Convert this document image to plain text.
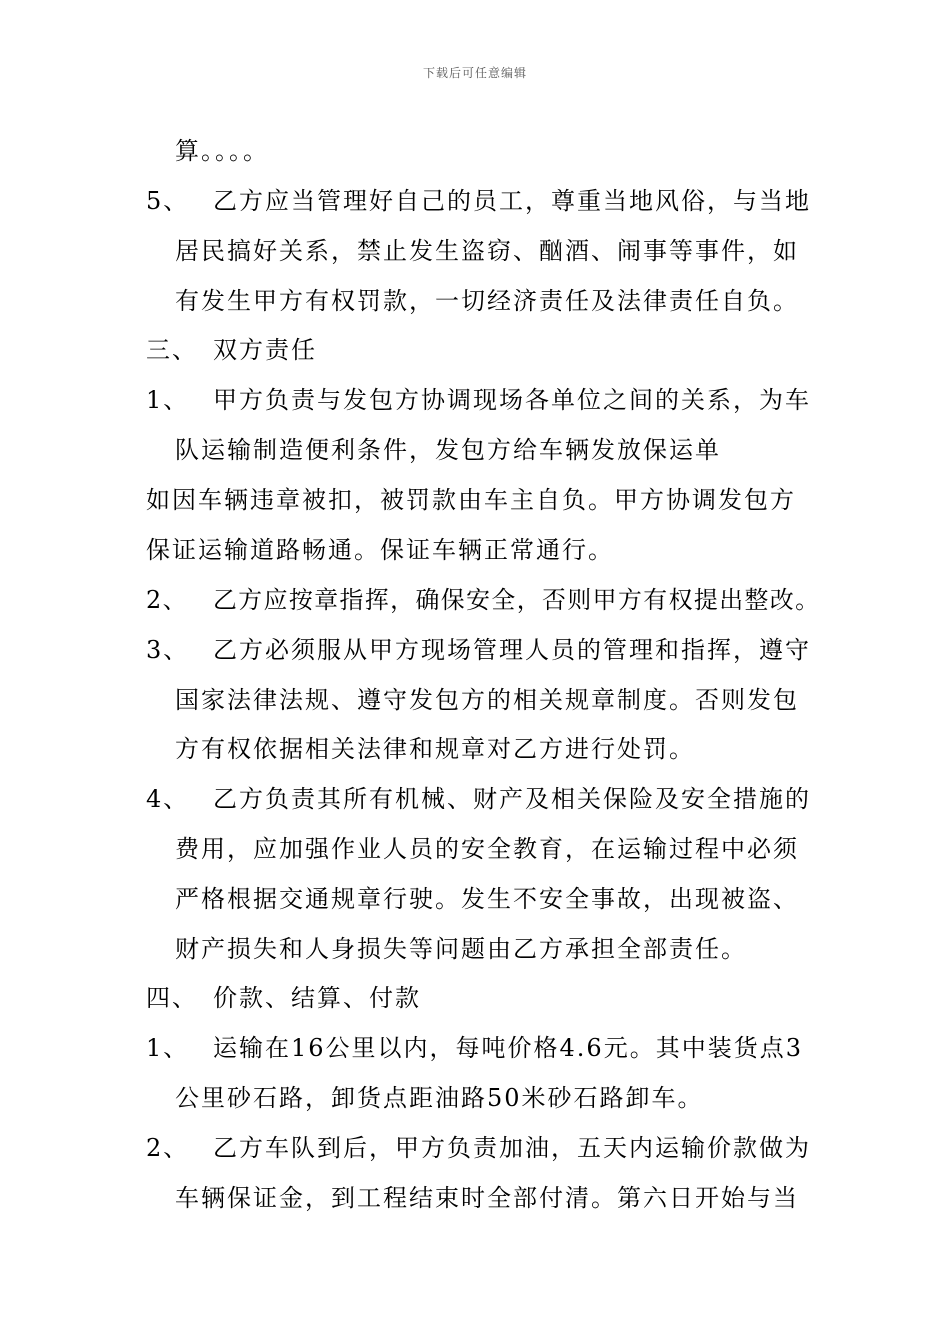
下载后可任意编辑
算。。。。
5、 乙方应当管理好自己的员工，尊重当地风俗，与当地
居民搞好关系，禁止发生盗窃、酗酒、闹事等事件，如
有发生甲方有权罚款，一切经济责任及法律责任自负。
三、 双方责任
1、 甲方负责与发包方协调现场各单位之间的关系，为车
队运输制造便利条件，发包方给车辆发放保运单
如因车辆违章被扣，被罚款由车主自负。甲方协调发包方
保证运输道路畅通。保证车辆正常通行。
2、 乙方应按章指挥，确保安全，否则甲方有权提出整改。
3、 乙方必须服从甲方现场管理人员的管理和指挥，遵守
国家法律法规、遵守发包方的相关规章制度。否则发包
方有权依据相关法律和规章对乙方进行处罚。
4、 乙方负责其所有机械、财产及相关保险及安全措施的
费用，应加强作业人员的安全教育，在运输过程中必须
严格根据交通规章行驶。发生不安全事故，出现被盗、
财产损失和人身损失等问题由乙方承担全部责任。
四、 价款、结算、付款
1、 运输在16公里以内，每吨价格4.6元。其中装货点3
公里砂石路，卸货点距油路50米砂石路卸车。
2、 乙方车队到后，甲方负责加油，五天内运输价款做为
车辆保证金，到工程结束时全部付清。第六日开始与当
